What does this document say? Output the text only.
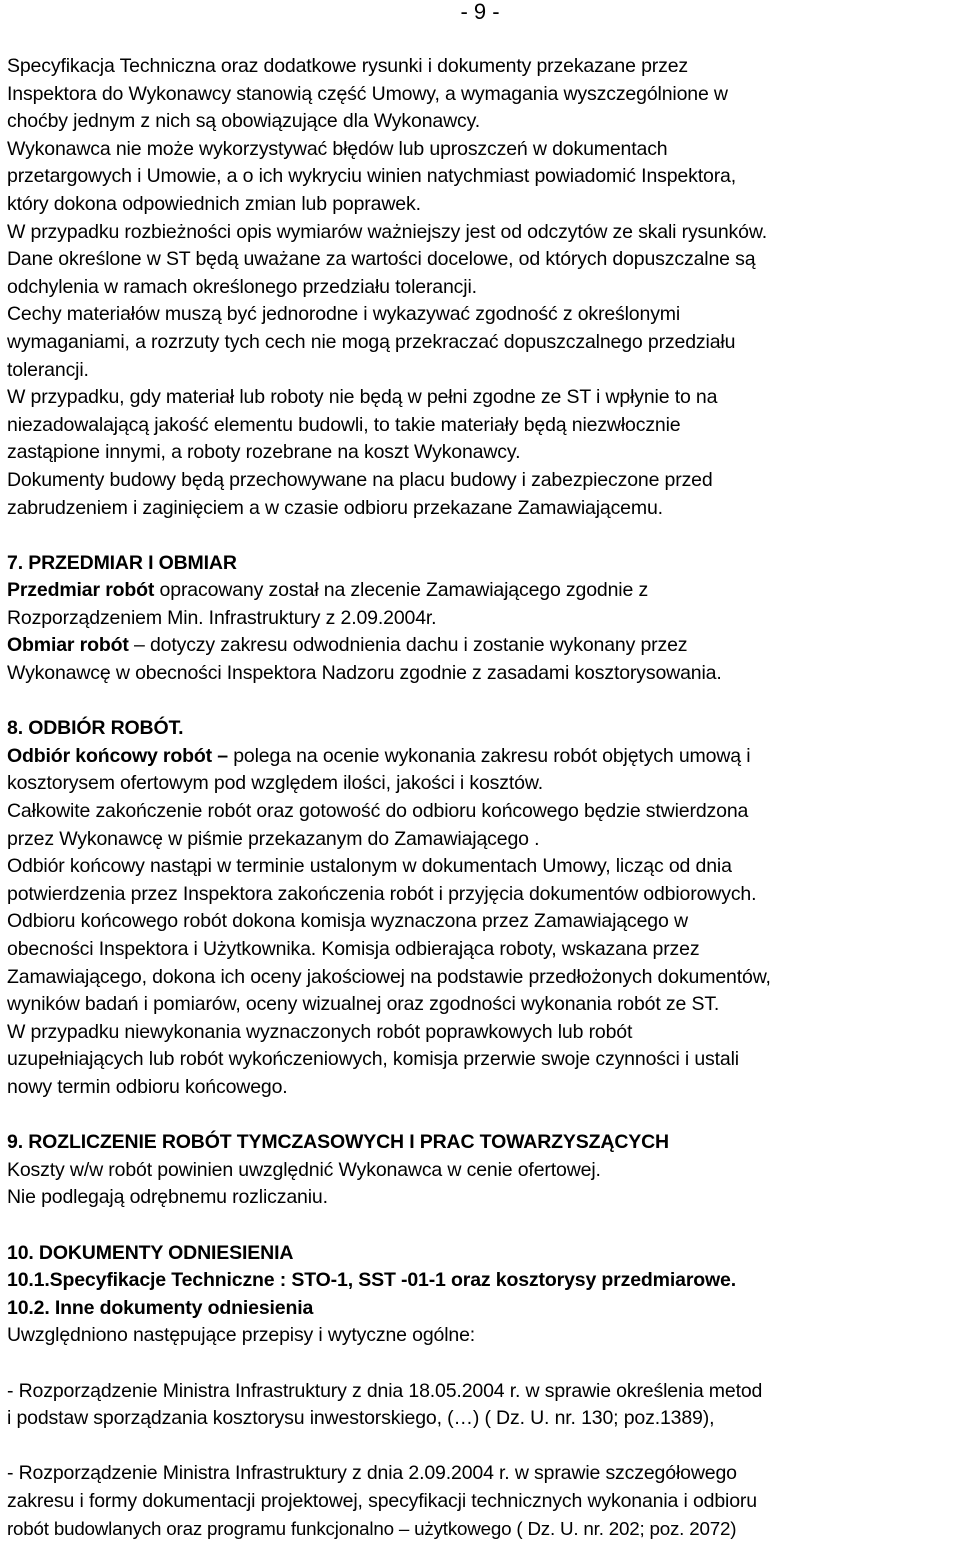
- 9 -
Specyfikacja Techniczna oraz dodatkowe rysunki i dokumenty przekazane przez
Inspektora do Wykonawcy stanowią część Umowy, a wymagania wyszczególnione w
choćby jednym z nich są obowiązujące dla Wykonawcy.
Wykonawca nie może wykorzystywać błędów lub uproszczeń w dokumentach
przetargowych i Umowie, a o ich wykryciu winien natychmiast powiadomić Inspektora,
który dokona odpowiednich zmian lub poprawek.
W przypadku rozbieżności opis wymiarów ważniejszy jest od odczytów ze skali rysunków.
Dane określone w ST będą uważane za wartości docelowe, od których dopuszczalne są
odchylenia w ramach określonego przedziału tolerancji.
Cechy materiałów muszą być jednorodne i wykazywać zgodność z określonymi
wymaganiami, a rozrzuty tych cech nie mogą przekraczać dopuszczalnego przedziału
tolerancji.
W przypadku, gdy materiał lub roboty nie będą w pełni zgodne ze ST i wpłynie to na
niezadowalającą jakość elementu budowli, to takie materiały będą niezwłocznie
zastąpione innymi, a roboty rozebrane na koszt Wykonawcy.
Dokumenty budowy będą przechowywane na placu budowy i zabezpieczone przed
zabrudzeniem i zaginięciem a w czasie odbioru przekazane Zamawiającemu.
7. PRZEDMIAR I OBMIAR
Przedmiar robót opracowany został na zlecenie Zamawiającego zgodnie z
Rozporządzeniem Min. Infrastruktury z 2.09.2004r.
Obmiar robót – dotyczy zakresu odwodnienia dachu i zostanie wykonany przez
Wykonawcę w obecności Inspektora Nadzoru zgodnie z zasadami kosztorysowania.
8. ODBIÓR ROBÓT.
Odbiór końcowy robót – polega na ocenie wykonania zakresu robót objętych umową i
kosztorysem ofertowym pod względem ilości, jakości i kosztów.
Całkowite zakończenie robót oraz gotowość do odbioru końcowego będzie stwierdzona
przez Wykonawcę w piśmie przekazanym do Zamawiającego .
Odbiór końcowy nastąpi w terminie ustalonym w dokumentach Umowy, licząc od dnia
potwierdzenia przez Inspektora zakończenia robót i przyjęcia dokumentów odbiorowych.
Odbioru końcowego robót dokona komisja wyznaczona przez Zamawiającego w
obecności Inspektora i Użytkownika. Komisja odbierająca roboty, wskazana przez
Zamawiającego, dokona ich oceny jakościowej na podstawie przedłożonych dokumentów,
wyników badań i pomiarów, oceny wizualnej oraz zgodności wykonania robót ze ST.
W przypadku niewykonania wyznaczonych robót poprawkowych lub robót
uzupełniających lub robót wykończeniowych, komisja przerwie swoje czynności i ustali
nowy termin odbioru końcowego.
9. ROZLICZENIE ROBÓT TYMCZASOWYCH I PRAC TOWARZYSZĄCYCH
Koszty w/w robót powinien uwzględnić Wykonawca w cenie ofertowej.
Nie podlegają odrębnemu rozliczaniu.
10. DOKUMENTY ODNIESIENIA
10.1.Specyfikacje Techniczne : STO-1, SST -01-1 oraz kosztorysy przedmiarowe.
10.2. Inne dokumenty odniesienia
Uwzględniono następujące przepisy i wytyczne ogólne:
- Rozporządzenie Ministra Infrastruktury z dnia 18.05.2004 r. w sprawie określenia metod
i podstaw sporządzania kosztorysu inwestorskiego, (…) ( Dz. U. nr. 130; poz.1389),
- Rozporządzenie Ministra Infrastruktury z dnia 2.09.2004 r. w sprawie szczegółowego
zakresu i formy dokumentacji projektowej, specyfikacji technicznych wykonania i odbioru
robót budowlanych oraz programu funkcjonalno – użytkowego ( Dz. U. nr. 202; poz. 2072)
